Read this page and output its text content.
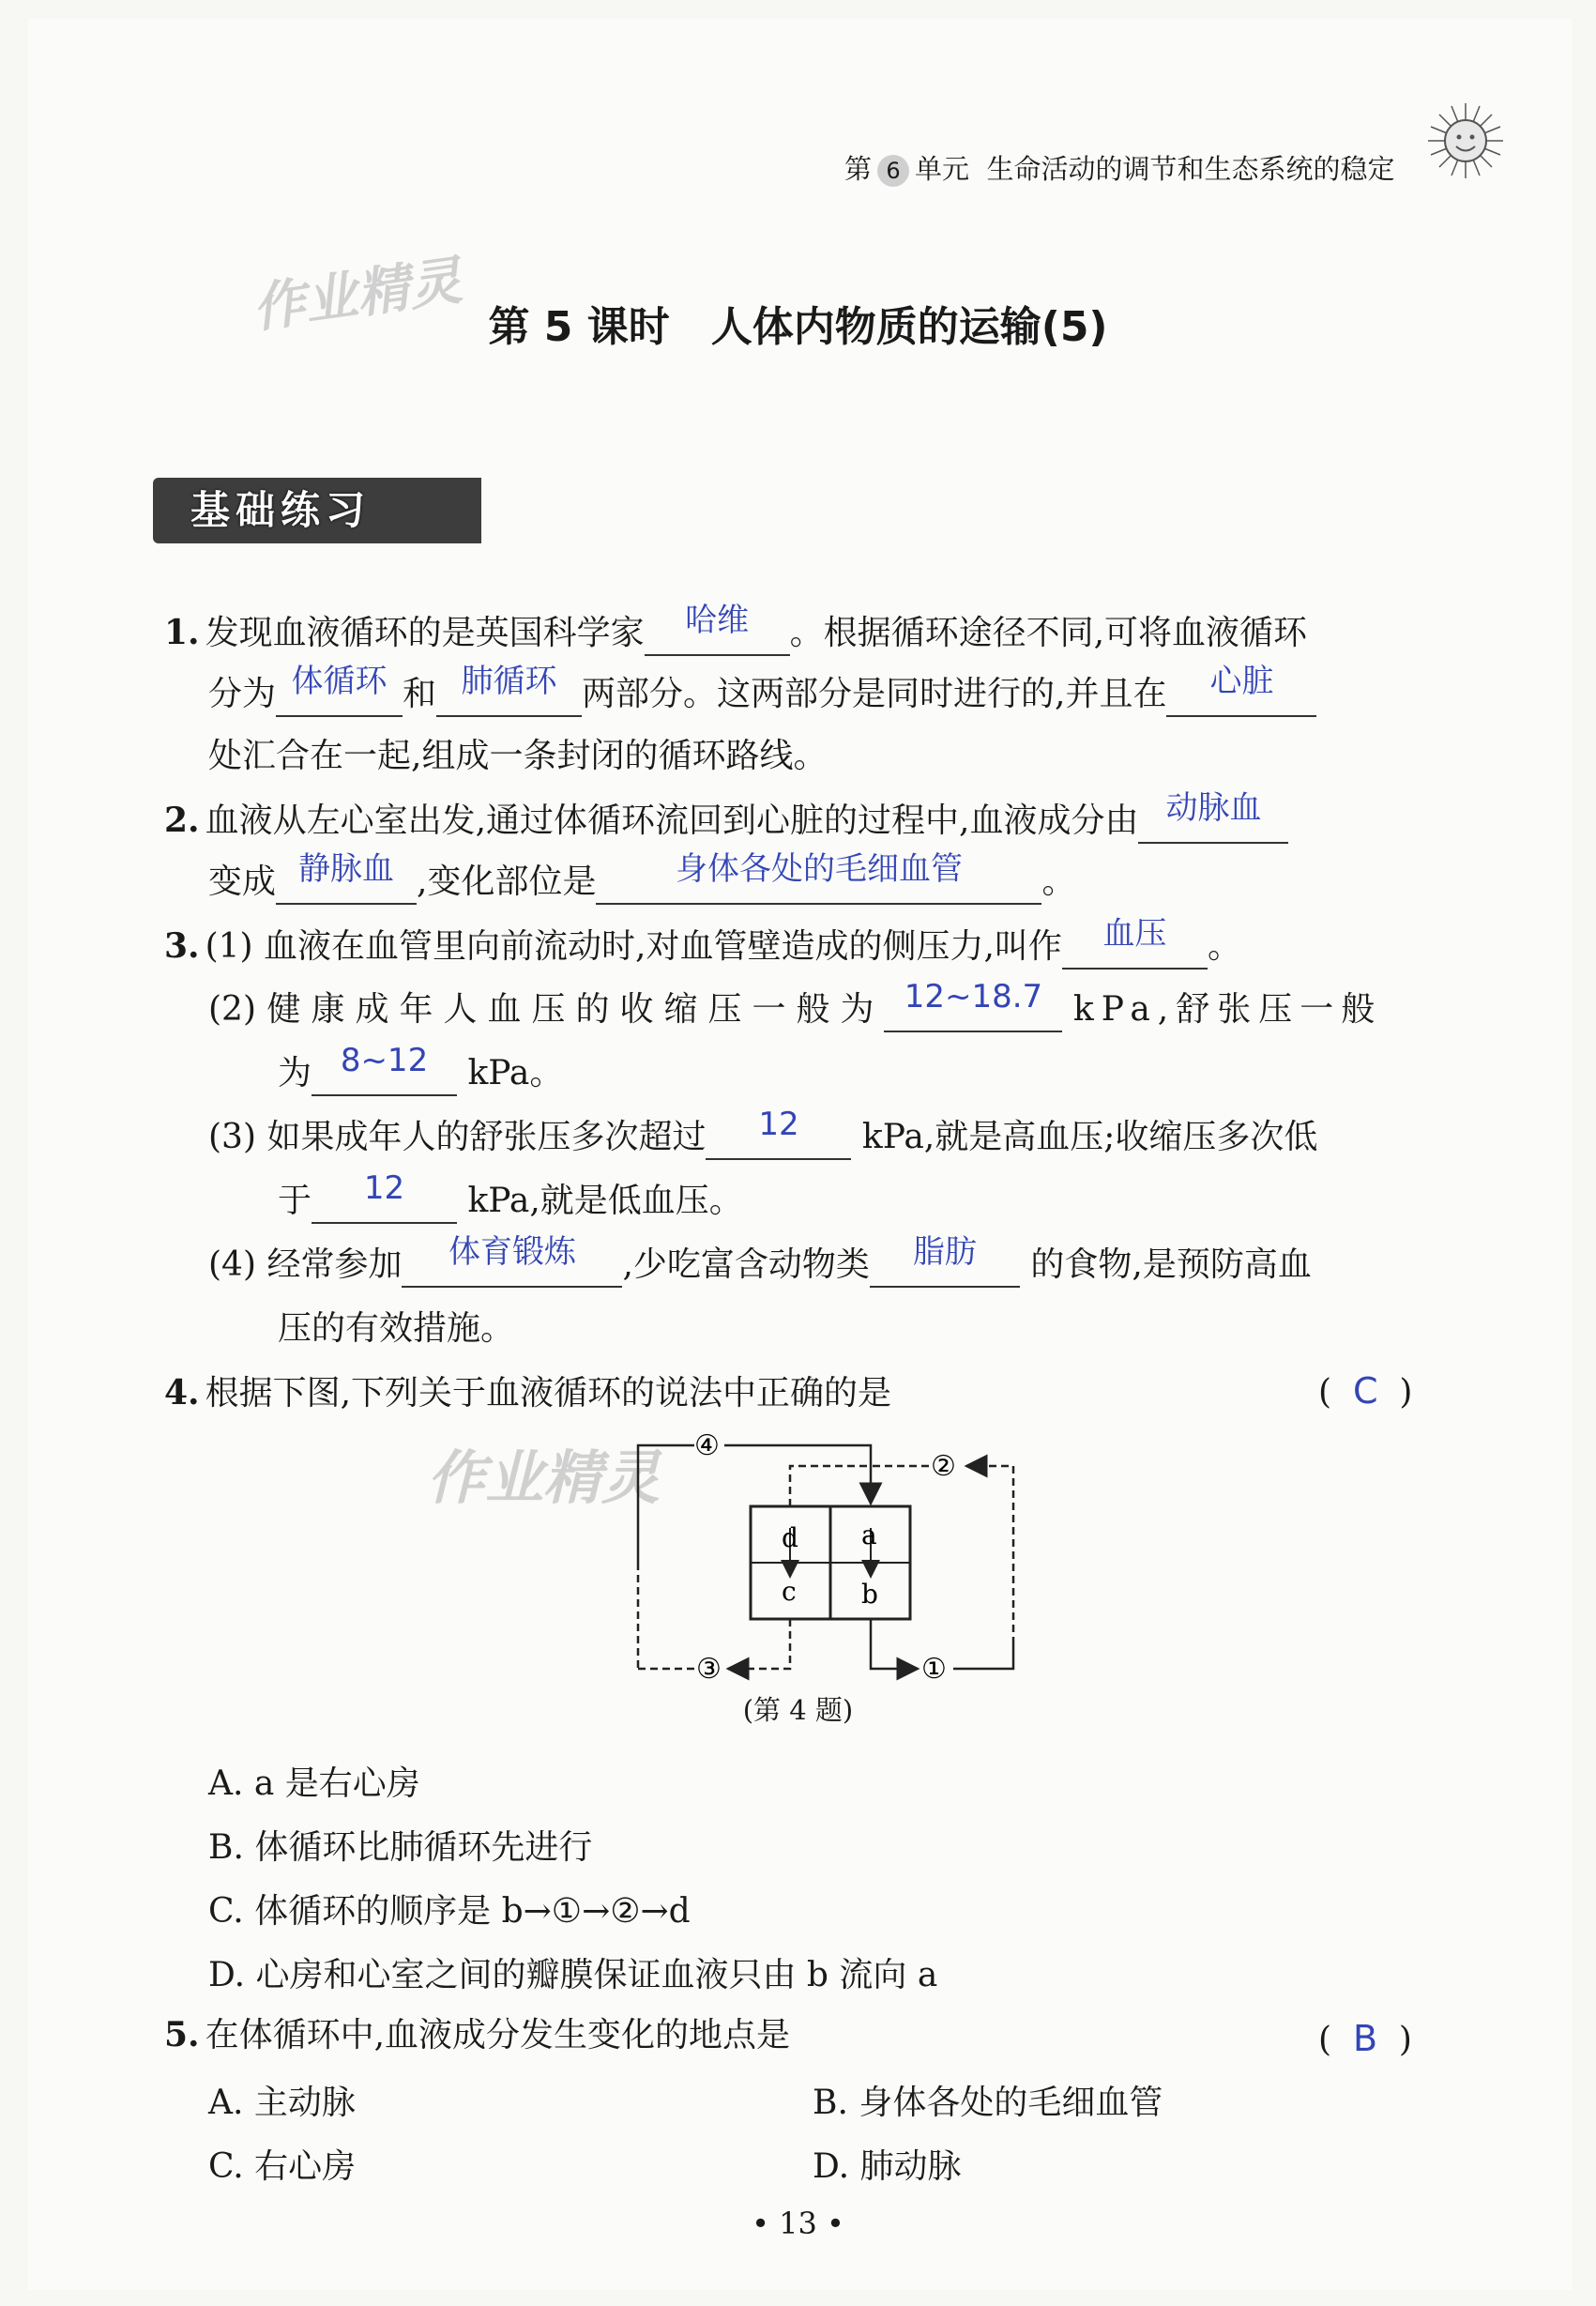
第 6 单元 生命活动的调节和生态系统的稳定
作业精灵
作业精灵
第 5 课时　人体内物质的运输(5)
基础练习
1. 发现血液循环的是英国科学家 哈维 。根据循环途径不同,可将血液循环
分为 体循环 和 肺循环 两部分。这两部分是同时进行的,并且在 心脏
处汇合在一起,组成一条封闭的循环路线。
2. 血液从左心室出发,通过体循环流回到心脏的过程中,血液成分由 动脉血
变成 静脉血 ,变化部位是 身体各处的毛细血管 。
3. (1) 血液在血管里向前流动时,对血管壁造成的侧压力,叫作 血压 。
(2) 健康成年人血压的收缩压一般为 12~18.7 kPa,舒张压一般
为 8~12 kPa。
(3) 如果成年人的舒张压多次超过 12 kPa,就是高血压;收缩压多次低
于 12 kPa,就是低血压。
(4) 经常参加 体育锻炼 ,少吃富含动物类 脂肪 的食物,是预防高血
压的有效措施。
4. 根据下图,下列关于血液循环的说法中正确的是	(  C  )
d a
c b
④
②
③	①
(第 4 题)
A. a 是右心房
B. 体循环比肺循环先进行
C. 体循环的顺序是 b→①→②→d
D. 心房和心室之间的瓣膜保证血液只由 b 流向 a
5. 在体循环中,血液成分发生变化的地点是	(  B  )
A. 主动脉	B. 身体各处的毛细血管
C. 右心房	D. 肺动脉
• 13 •
